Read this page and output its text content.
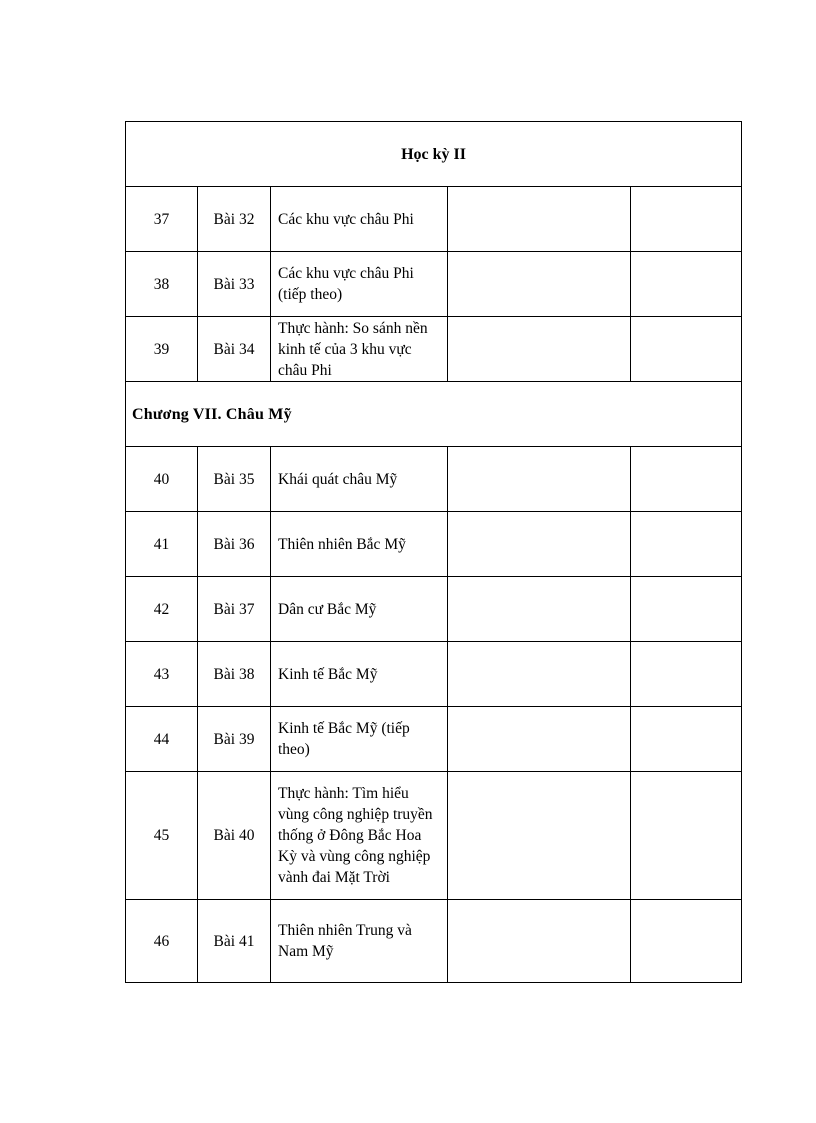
Học kỳ II				
37	Bài 32	Các khu vực châu Phi		
38	Bài 33	Các khu vực châu Phi (tiếp theo)		
39	Bài 34	Thực hành: So sánh nền kinh tế của 3 khu vực châu Phi		
Chương VII. Châu Mỹ				
40	Bài 35	Khái quát châu Mỹ		
41	Bài 36	Thiên nhiên Bắc Mỹ		
42	Bài 37	Dân cư Bắc Mỹ		
43	Bài 38	Kinh tế Bắc Mỹ		
44	Bài 39	Kinh tế Bắc Mỹ (tiếp theo)		
45	Bài 40	Thực hành: Tìm hiểu vùng công nghiệp truyền thống ở Đông Bắc Hoa Kỳ và vùng công nghiệp vành đai Mặt Trời		
46	Bài 41	Thiên nhiên Trung và Nam Mỹ		
